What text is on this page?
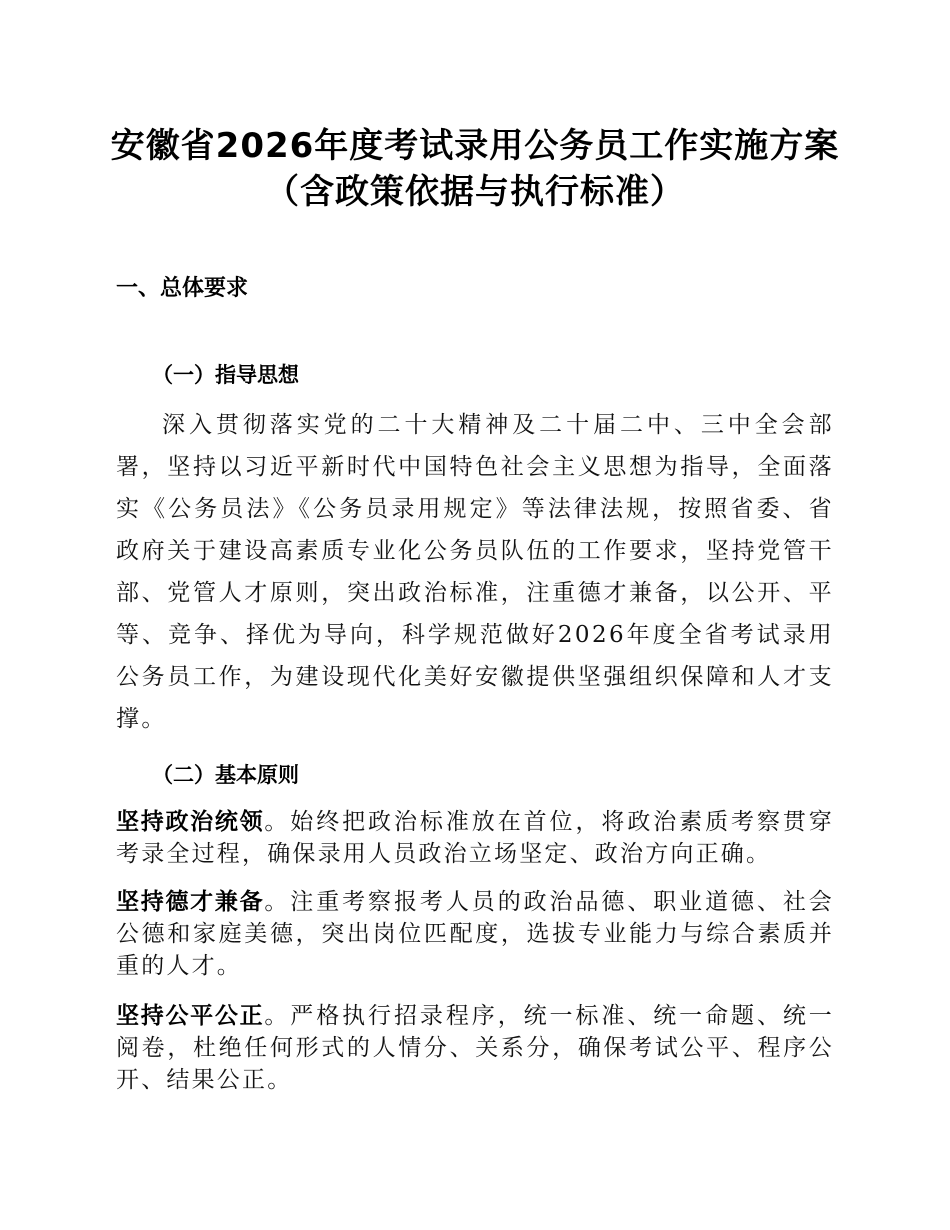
安徽省2026年度考试录用公务员工作实施方案
（含政策依据与执行标准）
一、总体要求
（一）指导思想

深入贯彻落实党的二十大精神及二十届二中、三中全会部署，坚持以习近平新时代中国特色社会主义思想为指导，全面落实《公务员法》《公务员录用规定》等法律法规，按照省委、省政府关于建设高素质专业化公务员队伍的工作要求，坚持党管干部、党管人才原则，突出政治标准，注重德才兼备，以公开、平等、竞争、择优为导向，科学规范做好2026年度全省考试录用公务员工作，为建设现代化美好安徽提供坚强组织保障和人才支撑。

（二）基本原则

坚持政治统领。始终把政治标准放在首位，将政治素质考察贯穿考录全过程，确保录用人员政治立场坚定、政治方向正确。

坚持德才兼备。注重考察报考人员的政治品德、职业道德、社会公德和家庭美德，突出岗位匹配度，选拔专业能力与综合素质并重的人才。

坚持公平公正。严格执行招录程序，统一标准、统一命题、统一阅卷，杜绝任何形式的人情分、关系分，确保考试公平、程序公开、结果公正。
